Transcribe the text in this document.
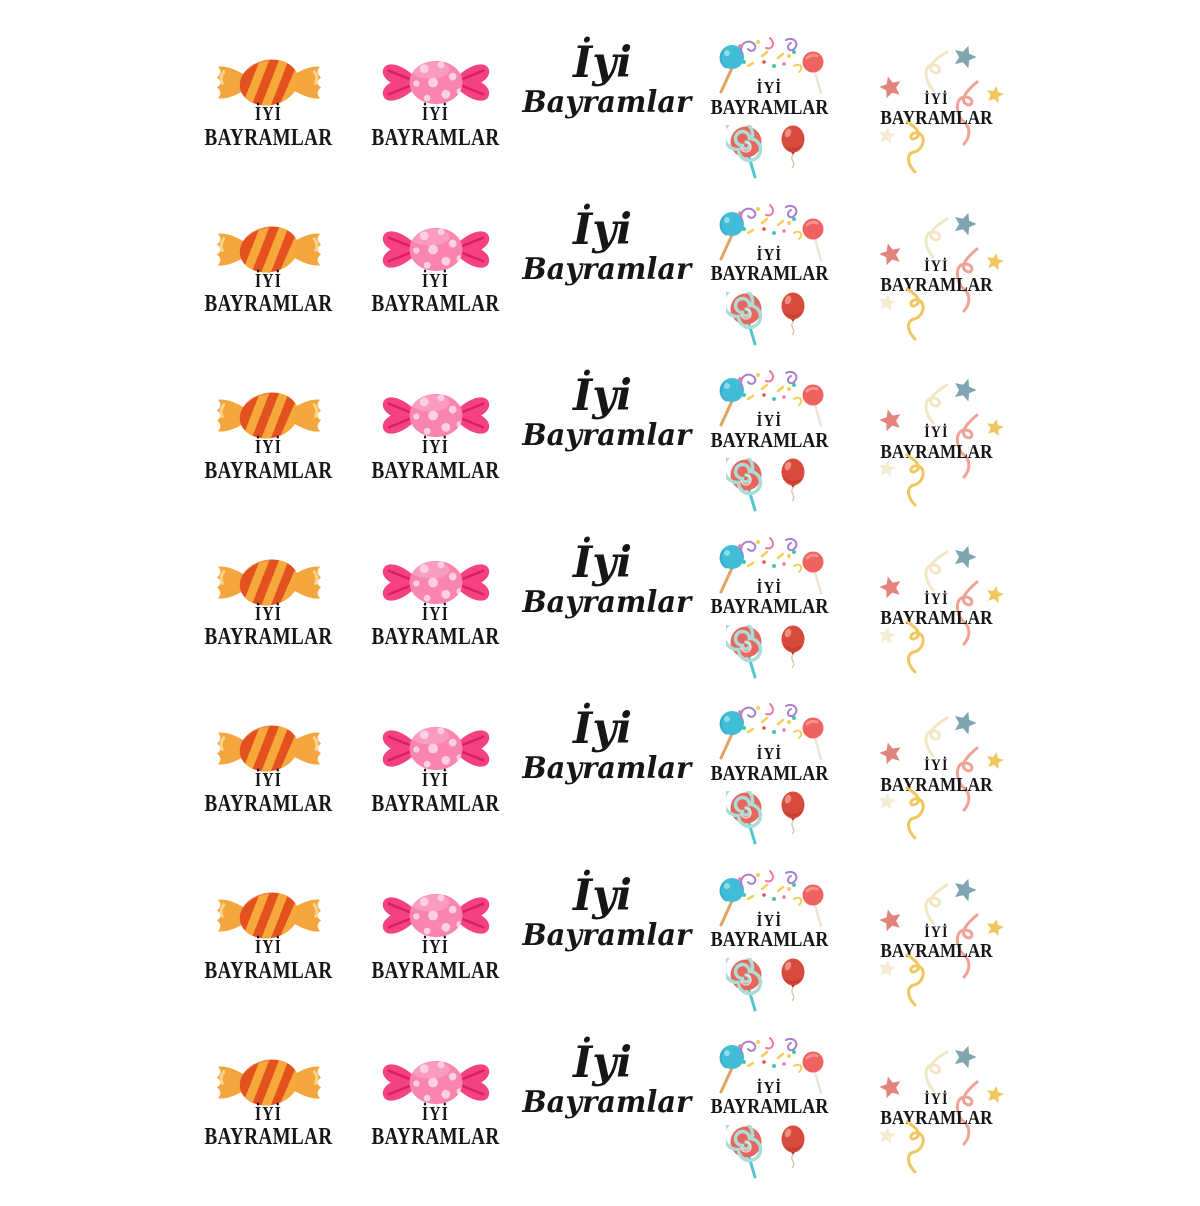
İYİ
BAYRAMLAR
İYİ
BAYRAMLAR
İyi
Bayramlar	İYİ
BAYRAMLAR	İYİ
BAYRAMLAR
İYİ
BAYRAMLAR
İYİ
BAYRAMLAR
İyi
Bayramlar	İYİ
BAYRAMLAR	İYİ
BAYRAMLAR
İYİ
BAYRAMLAR
İYİ
BAYRAMLAR
İyi
Bayramlar	İYİ
BAYRAMLAR	İYİ
BAYRAMLAR
İYİ
BAYRAMLAR
İYİ
BAYRAMLAR
İyi
Bayramlar	İYİ
BAYRAMLAR	İYİ
BAYRAMLAR
İYİ
BAYRAMLAR
İYİ
BAYRAMLAR
İyi
Bayramlar	İYİ
BAYRAMLAR	İYİ
BAYRAMLAR
İYİ
BAYRAMLAR
İYİ
BAYRAMLAR
İyi
Bayramlar	İYİ
BAYRAMLAR	İYİ
BAYRAMLAR
İYİ
BAYRAMLAR
İYİ
BAYRAMLAR
İyi
Bayramlar	İYİ
BAYRAMLAR	İYİ
BAYRAMLAR
